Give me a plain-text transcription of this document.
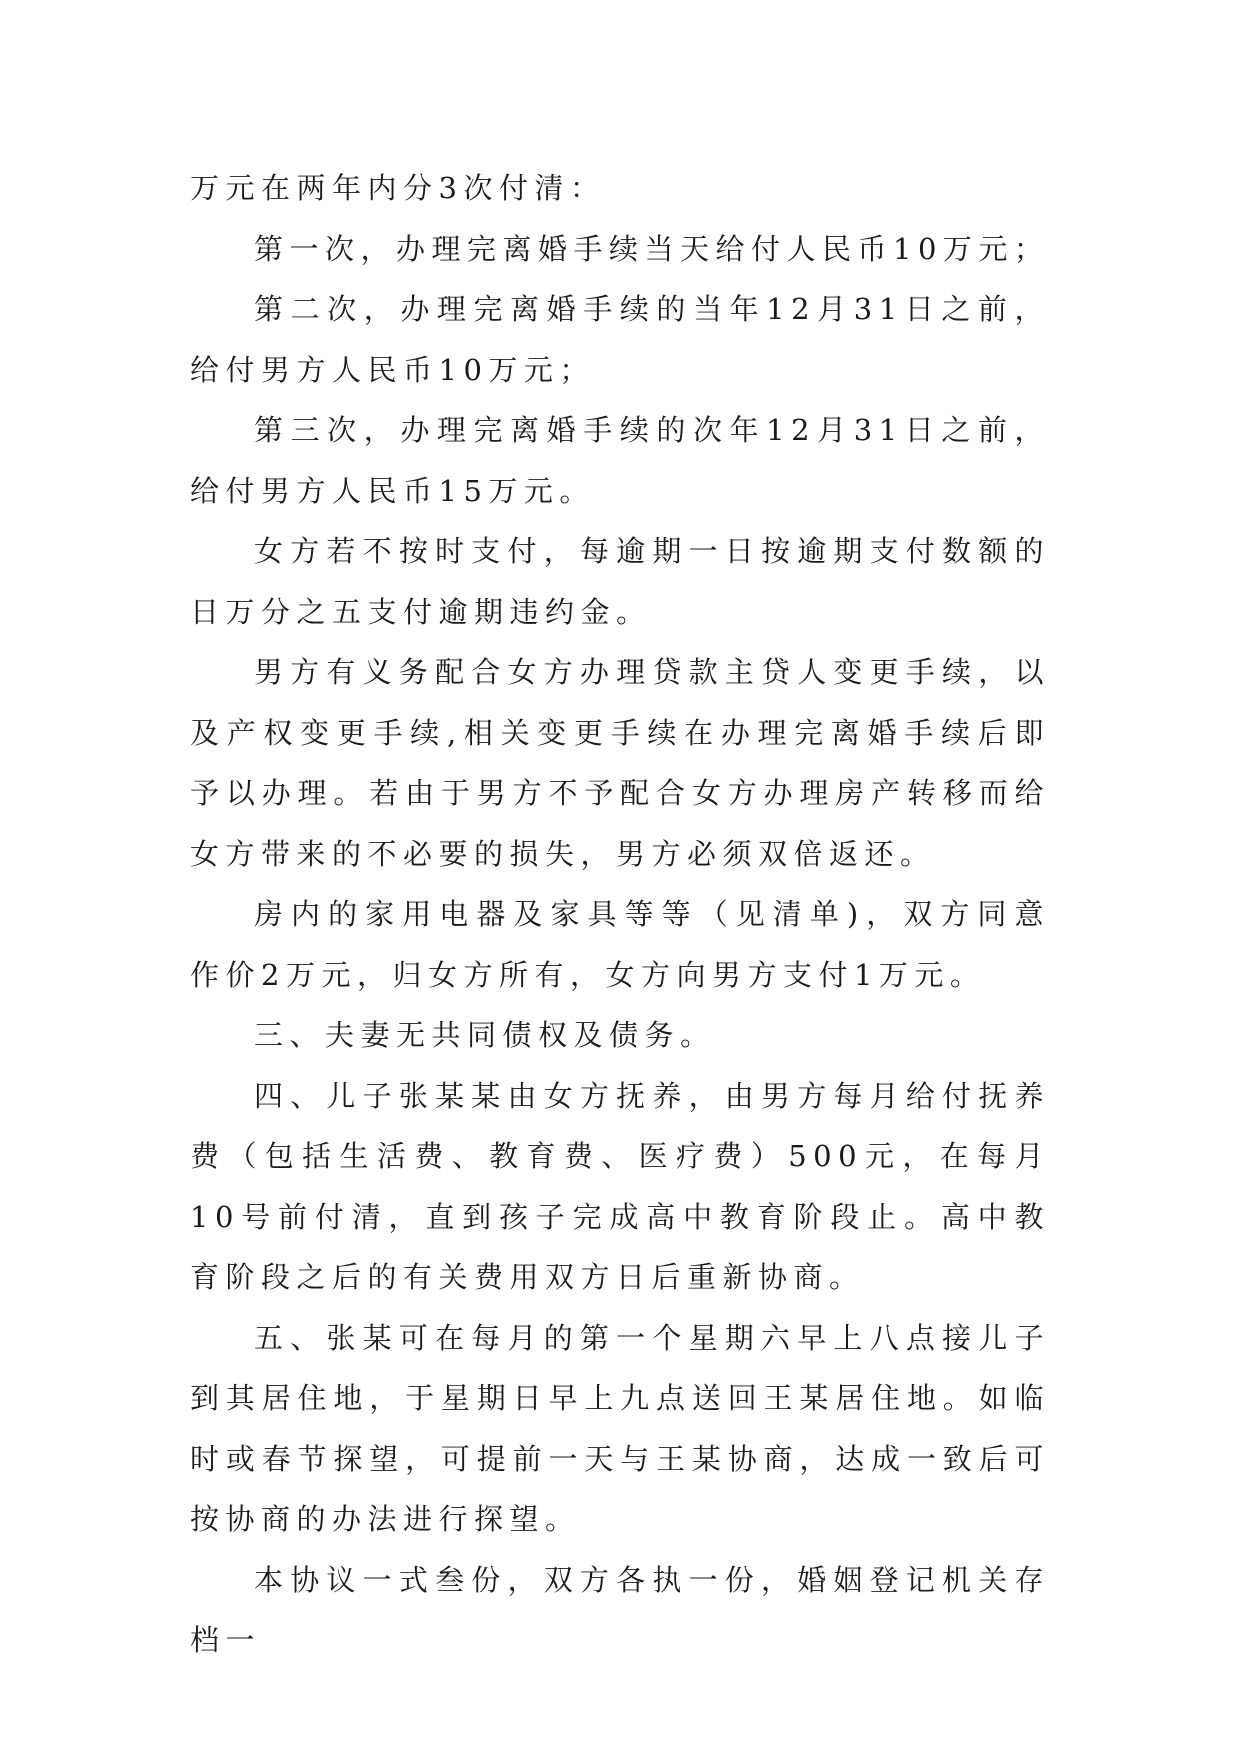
万元在两年内分3次付清：

第一次，办理完离婚手续当天给付人民币10万元；

第二次，办理完离婚手续的当年12月31日之前，给付男方人民币10万元；

第三次，办理完离婚手续的次年12月31日之前，给付男方人民币15万元。

女方若不按时支付，每逾期一日按逾期支付数额的日万分之五支付逾期违约金。

男方有义务配合女方办理贷款主贷人变更手续，以及产权变更手续,相关变更手续在办理完离婚手续后即予以办理。若由于男方不予配合女方办理房产转移而给女方带来的不必要的损失，男方必须双倍返还。

房内的家用电器及家具等等（见清单)，双方同意作价2万元，归女方所有，女方向男方支付1万元。

三、夫妻无共同债权及债务。

四、儿子张某某由女方抚养，由男方每月给付抚养费（包括生活费、教育费、医疗费）500元，在每月10号前付清，直到孩子完成高中教育阶段止。高中教育阶段之后的有关费用双方日后重新协商。

五、张某可在每月的第一个星期六早上八点接儿子到其居住地，于星期日早上九点送回王某居住地。如临时或春节探望，可提前一天与王某协商，达成一致后可按协商的办法进行探望。

本协议一式叁份，双方各执一份，婚姻登记机关存档一
